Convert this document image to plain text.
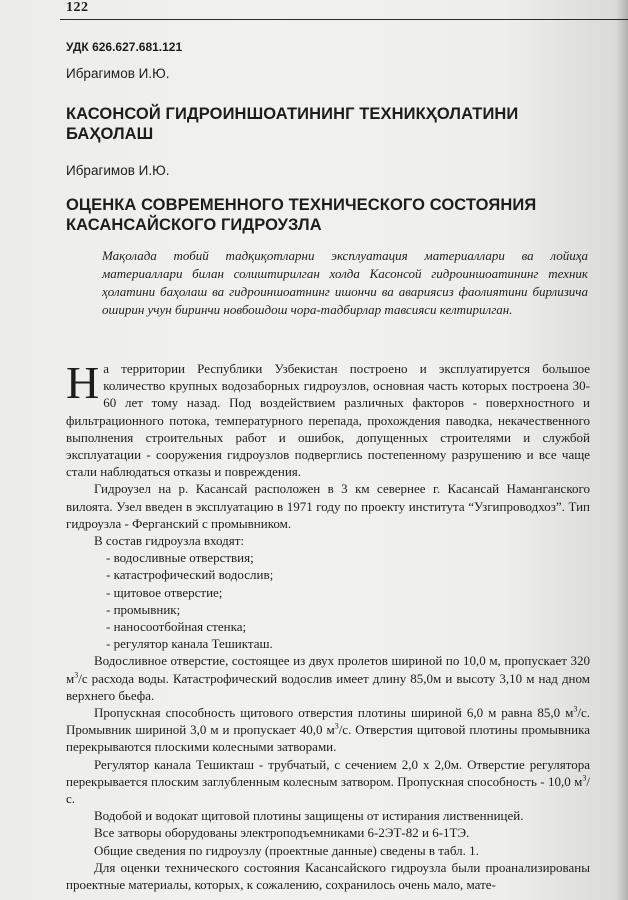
122
УДК 626.627.681.121
Ибрагимов И.Ю.
КАСОНСОЙ ГИДРОИНШОАТИНИНГ ТЕХНИКҲОЛАТИНИ БАҲОЛАШ
Ибрагимов И.Ю.
ОЦЕНКА СОВРЕМЕННОГО ТЕХНИЧЕСКОГО СОСТОЯНИЯ КАСАНСАЙСКОГО ГИДРОУЗЛА
Мақолада тобий тадқиқотларни эксплуатация материаллари ва лойиҳа материаллари билан солиштирилган холда Касонсой гидроиншоатининг техник ҳолатини баҳолаш ва гидроиншоатнинг ишончи ва авариясиз фаолиятини бирлизича оширин учун биринчи новбошдош чора-тадбирлар тавсияси келтирилган.

На территории Республики Узбекистан построено и эксплуатируется большое количество крупных водозаборных гидроузлов, основная часть которых построена 30-60 лет тому назад. Под воздействием различных факторов - поверхностного и фильтрационного потока, температурного перепада, прохождения паводка, некачественного выполнения строительных работ и ошибок, допущенных строителями и службой эксплуатации - сооружения гидроузлов подверглись постепенному разрушению и все чаще стали наблюдаться отказы и повреждения.

Гидроузел на р. Касансай расположен в 3 км севернее г. Касансай Наманганского вилоята. Узел введен в эксплуатацию в 1971 году по проекту института “Узгипроводхоз”. Тип гидроузла - Ферганский с промывником.

В состав гидроузла входят:

- водосливные отверствия;
- катастрофический водослив;
- щитовое отверстие;
- промывник;
- наносоотбойная стенка;
- регулятор канала Тешикташ.

Водосливное отверстие, состоящее из двух пролетов шириной по 10,0 м, пропускает 320 $м^3/с$ расхода воды. Катастрофический водослив имеет длину 85,0м и высоту 3,10 м над дном верхнего бьефа.

Пропускная способность щитового отверстия плотины шириной 6,0 м равна 85,0 $м^3/с$. Промывник шириной 3,0 м и пропускает 40,0 $м^3/с$. Отверстия щитовой плотины промывника перекрываются плоскими колесными затворами.

Регулятор канала Тешикташ - трубчатый, с сечением 2,0 х 2,0м. Отверстие регулятора перекрывается плоским заглубленным колесным затвором. Пропускная способность - 10,0 $м^3/с$.

Водобой и водокат щитовой плотины защищены от истирания лиственницей.

Все затворы оборудованы электроподъемниками 6-2ЭТ-82 и 6-1ТЭ.

Общие сведения по гидроузлу (проектные данные) сведены в табл. 1.

Для оценки технического состояния Касансайского гидроузла были проанализированы проектные материалы, которых, к сожалению, сохранилось очень мало, мате-
